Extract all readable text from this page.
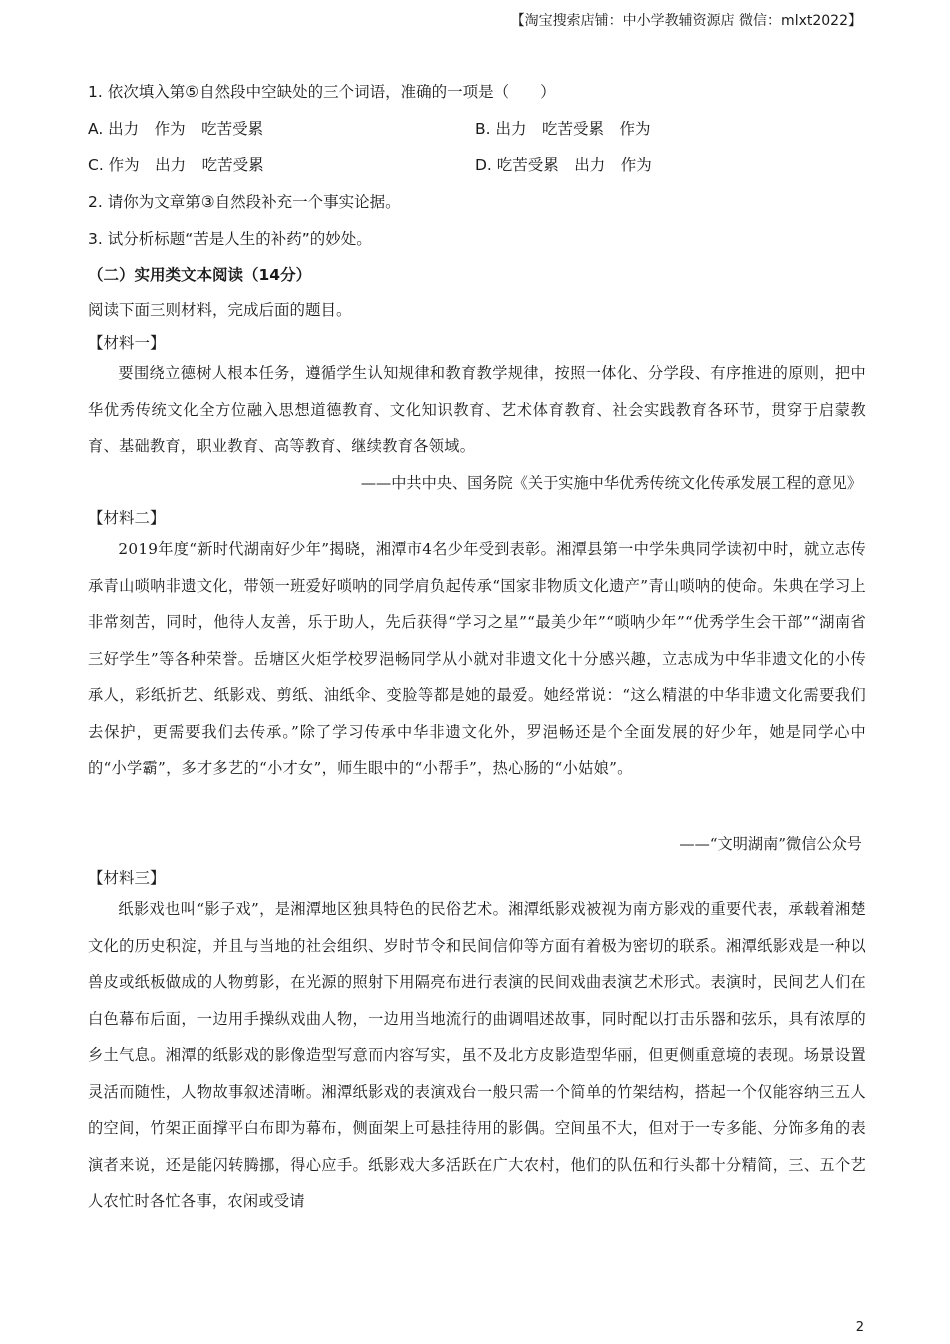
【淘宝搜索店铺：中小学教辅资源店 微信：mlxt2022】
1. 依次填入第⑤自然段中空缺处的三个词语，准确的一项是（　　）
A. 出力　作为　吃苦受累	B. 出力　吃苦受累　作为
C. 作为　出力　吃苦受累	D. 吃苦受累　出力　作为
2. 请你为文章第③自然段补充一个事实论据。
3. 试分析标题“苦是人生的补药”的妙处。
（二）实用类文本阅读（14分）
阅读下面三则材料，完成后面的题目。
【材料一】

要围绕立德树人根本任务，遵循学生认知规律和教育教学规律，按照一体化、分学段、有序推进的原则，把中华优秀传统文化全方位融入思想道德教育、文化知识教育、艺术体育教育、社会实践教育各环节，贯穿于启蒙教育、基础教育，职业教育、高等教育、继续教育各领域。

——中共中央、国务院《关于实施中华优秀传统文化传承发展工程的意见》
【材料二】

2019年度“新时代湖南好少年”揭晓，湘潭市4名少年受到表彰。湘潭县第一中学朱典同学读初中时，就立志传承青山唢呐非遗文化，带领一班爱好唢呐的同学肩负起传承“国家非物质文化遗产”青山唢呐的使命。朱典在学习上非常刻苦，同时，他待人友善，乐于助人，先后获得“学习之星”“最美少年”“唢呐少年”“优秀学生会干部”“湖南省三好学生”等各种荣誉。岳塘区火炬学校罗浥畅同学从小就对非遗文化十分感兴趣，立志成为中华非遗文化的小传承人，彩纸折艺、纸影戏、剪纸、油纸伞、变脸等都是她的最爱。她经常说：“这么精湛的中华非遗文化需要我们去保护，更需要我们去传承。”除了学习传承中华非遗文化外，罗浥畅还是个全面发展的好少年，她是同学心中的“小学霸”，多才多艺的“小才女”，师生眼中的“小帮手”，热心肠的“小姑娘”。

——“文明湖南”微信公众号
【材料三】

纸影戏也叫“影子戏”，是湘潭地区独具特色的民俗艺术。湘潭纸影戏被视为南方影戏的重要代表，承载着湘楚文化的历史积淀，并且与当地的社会组织、岁时节令和民间信仰等方面有着极为密切的联系。湘潭纸影戏是一种以兽皮或纸板做成的人物剪影，在光源的照射下用隔亮布进行表演的民间戏曲表演艺术形式。表演时，民间艺人们在白色幕布后面，一边用手操纵戏曲人物，一边用当地流行的曲调唱述故事，同时配以打击乐器和弦乐，具有浓厚的乡土气息。湘潭的纸影戏的影像造型写意而内容写实，虽不及北方皮影造型华丽，但更侧重意境的表现。场景设置灵活而随性，人物故事叙述清晰。湘潭纸影戏的表演戏台一般只需一个简单的竹架结构，搭起一个仅能容纳三五人的空间，竹架正面撑平白布即为幕布，侧面架上可悬挂待用的影偶。空间虽不大，但对于一专多能、分饰多角的表演者来说，还是能闪转腾挪，得心应手。纸影戏大多活跃在广大农村，他们的队伍和行头都十分精简，三、五个艺人农忙时各忙各事，农闲或受请

2
